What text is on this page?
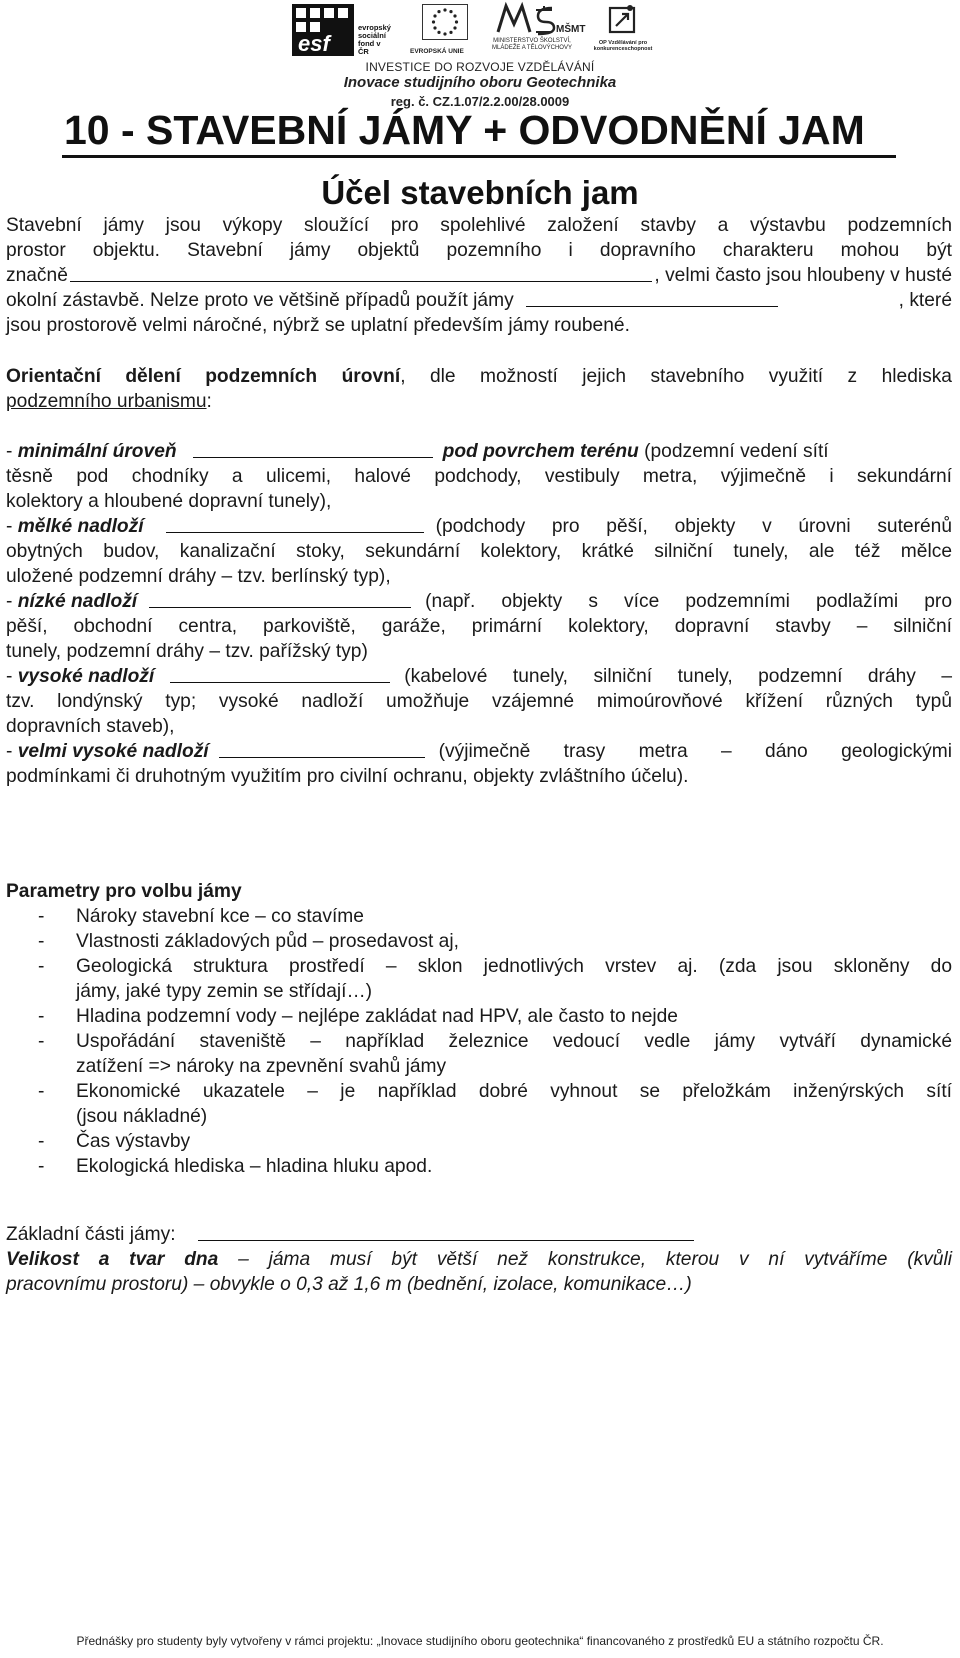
esf
evropský
sociální
fond v ČR	EVROPSKÁ UNIE
MŠMT
MINISTERSTVO ŠKOLSTVÍ,
MLÁDEŽE A TĚLOVÝCHOVY
OP Vzdělávání pro konkurenceschopnost
INVESTICE DO ROZVOJE VZDĚLÁVÁNÍ
Inovace studijního oboru Geotechnika
reg. č. CZ.1.07/2.2.00/28.0009
10 - STAVEBNÍ JÁMY + ODVODNĚNÍ JAM
Účel stavebních jam
Stavební jámy jsou výkopy sloužící pro spolehlivé založení stavby a výstavbu podzemních
prostor objektu. Stavební jámy objektů pozemního i dopravního charakteru mohou být
značně	, velmi často jsou hloubeny v husté
okolní zástavbě. Nelze proto ve většině případů použít jámy	, které
jsou prostorově velmi náročné, nýbrž se uplatní především jámy roubené.
Orientační dělení podzemních úrovní, dle možností jejich stavebního využití z hlediska
podzemního urbanismu:
- minimální úroveň	pod povrchem terénu (podzemní vedení sítí
těsně pod chodníky a ulicemi, halové podchody, vestibuly metra, výjimečně i sekundární
kolektory a hloubené dopravní tunely),
- mělké nadloží	(podchody pro pěší, objekty v úrovni suterénů
obytných budov, kanalizační stoky, sekundární kolektory, krátké silniční tunely, ale též mělce
uložené podzemní dráhy – tzv. berlínský typ),
- nízké nadloží	(např. objekty s více podzemními podlažími pro
pěší, obchodní centra, parkoviště, garáže, primární kolektory, dopravní stavby – silniční
tunely, podzemní dráhy – tzv. pařížský typ)
- vysoké nadloží	(kabelové tunely, silniční tunely, podzemní dráhy –
tzv. londýnský typ; vysoké nadloží umožňuje vzájemné mimoúrovňové křížení různých typů
dopravních staveb),
- velmi vysoké nadloží	(výjimečně trasy metra – dáno geologickými
podmínkami či druhotným využitím pro civilní ochranu, objekty zvláštního účelu).
Parametry pro volbu jámy
- Nároky stavební kce – co stavíme
- Vlastnosti základových půd – prosedavost aj,
- Geologická struktura prostředí – sklon jednotlivých vrstev aj. (zda jsou skloněny do
jámy, jaké typy zemin se střídají…)
- Hladina podzemní vody – nejlépe zakládat nad HPV, ale často to nejde
- Uspořádání staveniště – například železnice vedoucí vedle jámy vytváří dynamické
zatížení => nároky na zpevnění svahů jámy
- Ekonomické ukazatele – je například dobré vyhnout se přeložkám inženýrských sítí
(jsou nákladné)
- Čas výstavby
- Ekologická hlediska – hladina hluku apod.
Základní části jámy:
Velikost a tvar dna – jáma musí být větší než konstrukce, kterou v ní vytváříme (kvůli
pracovnímu prostoru) – obvykle o 0,3 až 1,6 m (bednění, izolace, komunikace…)
Přednášky pro studenty byly vytvořeny v rámci projektu: „Inovace studijního oboru geotechnika“ financovaného z prostředků EU a státního rozpočtu ČR.
